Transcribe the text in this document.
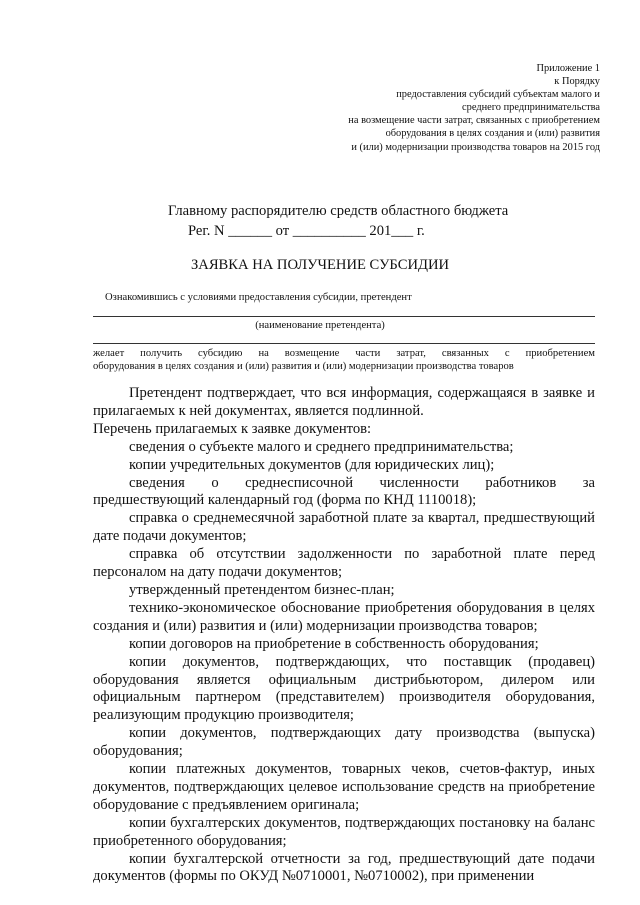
Приложение 1
к Порядку
предоставления субсидий субъектам малого и
среднего предпринимательства
на возмещение части затрат, связанных с приобретением
оборудования в целях создания и (или) развития
и (или) модернизации производства товаров на 2015 год
Главному распорядителю средств областного бюджета
Рег. N ______ от __________ 201___ г.
ЗАЯВКА НА ПОЛУЧЕНИЕ СУБСИДИИ
Ознакомившись с условиями предоставления субсидии, претендент
(наименование претендента)
желает получить субсидию на возмещение части затрат, связанных с приобретением
оборудования в целях создания и (или) развития и (или) модернизации производства товаров

Претендент подтверждает, что вся информация, содержащаяся в заявке и прилагаемых к ней документах, является подлинной.

Перечень прилагаемых к заявке документов:

сведения о субъекте малого и среднего предпринимательства;

копии учредительных документов (для юридических лиц);

сведения о среднесписочной численности работников за предшествующий календарный год (форма по КНД 1110018);

справка о среднемесячной заработной плате за квартал, предшествующий дате подачи документов;

справка об отсутствии задолженности по заработной плате перед персоналом на дату подачи документов;

утвержденный претендентом бизнес-план;

технико-экономическое обоснование приобретения оборудования в целях создания и (или) развития и (или) модернизации производства товаров;

копии договоров на приобретение в собственность оборудования;

копии документов, подтверждающих, что поставщик (продавец) оборудования является официальным дистрибьютором, дилером или официальным партнером (представителем) производителя оборудования, реализующим продукцию производителя;

копии документов, подтверждающих дату производства (выпуска) оборудования;

копии платежных документов, товарных чеков, счетов-фактур, иных документов, подтверждающих целевое использование средств на приобретение оборудование с предъявлением оригинала;

копии бухгалтерских документов, подтверждающих постановку на баланс приобретенного оборудования;

копии бухгалтерской отчетности за год, предшествующий дате подачи документов (формы по ОКУД №0710001, №0710002), при применении
